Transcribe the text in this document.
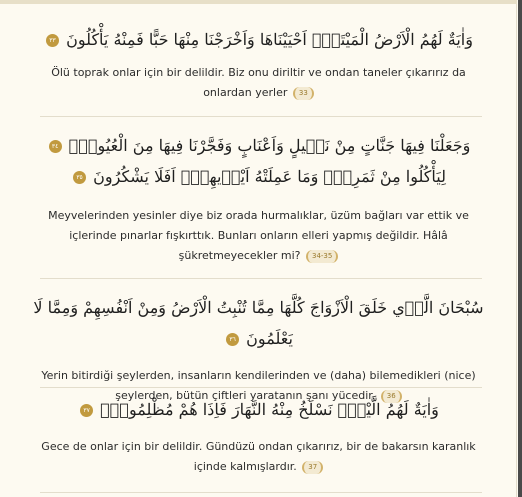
وَاٰيَةٌ لَهُمُ الْاَرْضُ الْمَيْتَةُۚ اَحْيَيْنَاهَا وَاَخْرَجْنَا مِنْهَا حَبًّا فَمِنْهُ يَأْكُلُونَ ٣٣
Ölü toprak onlar için bir delildir. Biz onu diriltir ve ondan taneler çıkarırız da onlardan yerler 33
وَجَعَلْنَا فِيهَا جَنَّاتٍ مِنْ نَخٖيلٍ وَاَعْنَابٍ وَفَجَّرْنَا فِيهَا مِنَ الْعُيُونِۙ ٣٤
لِيَأْكُلُوا مِنْ ثَمَرِهٖۙ وَمَا عَمِلَتْهُ اَيْدٖيهِمْۜ اَفَلَا يَشْكُرُونَ ٣٥
Meyvelerinden yesinler diye biz orada hurmalıklar, üzüm bağları var ettik ve içlerinde pınarlar fışkırttık. Bunları onların elleri yapmış değildir. Hâlâ şükretmeyecekler mi? 34-35
سُبْحَانَ الَّذٖي خَلَقَ الْاَزْوَاجَ كُلَّهَا مِمَّا تُنْبِتُ الْاَرْضُ وَمِنْ اَنْفُسِهِمْ وَمِمَّا لَا يَعْلَمُونَ ٣٦
Yerin bitirdiği şeylerden, insanların kendilerinden ve (daha) bilemedikleri (nice) şeylerden, bütün çiftleri yaratanın şanı yücedir. 36
وَاٰيَةٌ لَهُمُ الَّيْلُۚ نَسْلَخُ مِنْهُ النَّهَارَ فَاِذَا هُمْ مُظْلِمُونَۙ ٣٧
Gece de onlar için bir delildir. Gündüzü ondan çıkarırız, bir de bakarsın karanlık içinde kalmışlardır. 37
